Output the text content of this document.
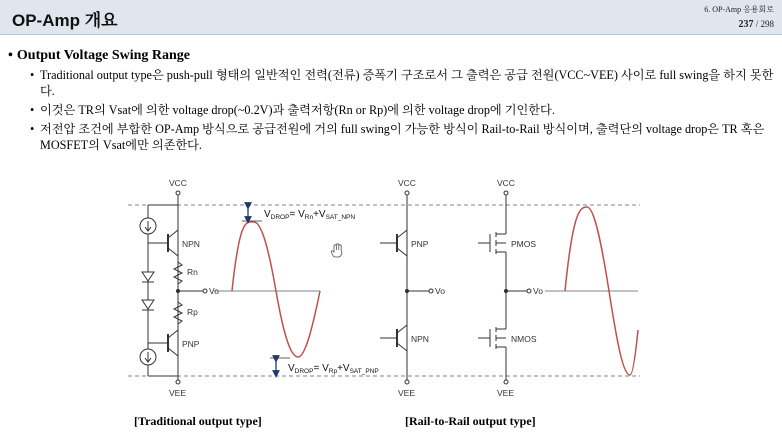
OP-Amp 개요
6. OP-Amp 응용회로
237 / 298
• Output Voltage Swing Range
• Traditional output type은 push-pull 형태의 일반적인 전력(전류) 증폭기 구조로서 그 출력은 공급 전원(VCC~VEE) 사이로 full swing을 하지 못한다.
• 이것은 TR의 Vsat에 의한 voltage drop(~0.2V)과 출력저항(Rn or Rp)에 의한 voltage drop에 기인한다.
• 저전압 조건에 부합한 OP-Amp 방식으로 공급전원에 거의 full swing이 가능한 방식이 Rail-to-Rail 방식이며, 출력단의 voltage drop은 TR 혹은 MOSFET의 Vsat에만 의존한다.
VCC
VEE
NPN
Rn
Rp
PNP
Vo
$V_{DROP}= V_{Rn}+V_{SAT\_NPN}$
$V_{DROP}= V_{Rp}+V_{SAT\_PNP}$
VCC
VEE
PNP
NPN
Vo
VCC
VEE
PMOS
NMOS
Vo
[Traditional output type]	[Rail-to-Rail output type]
